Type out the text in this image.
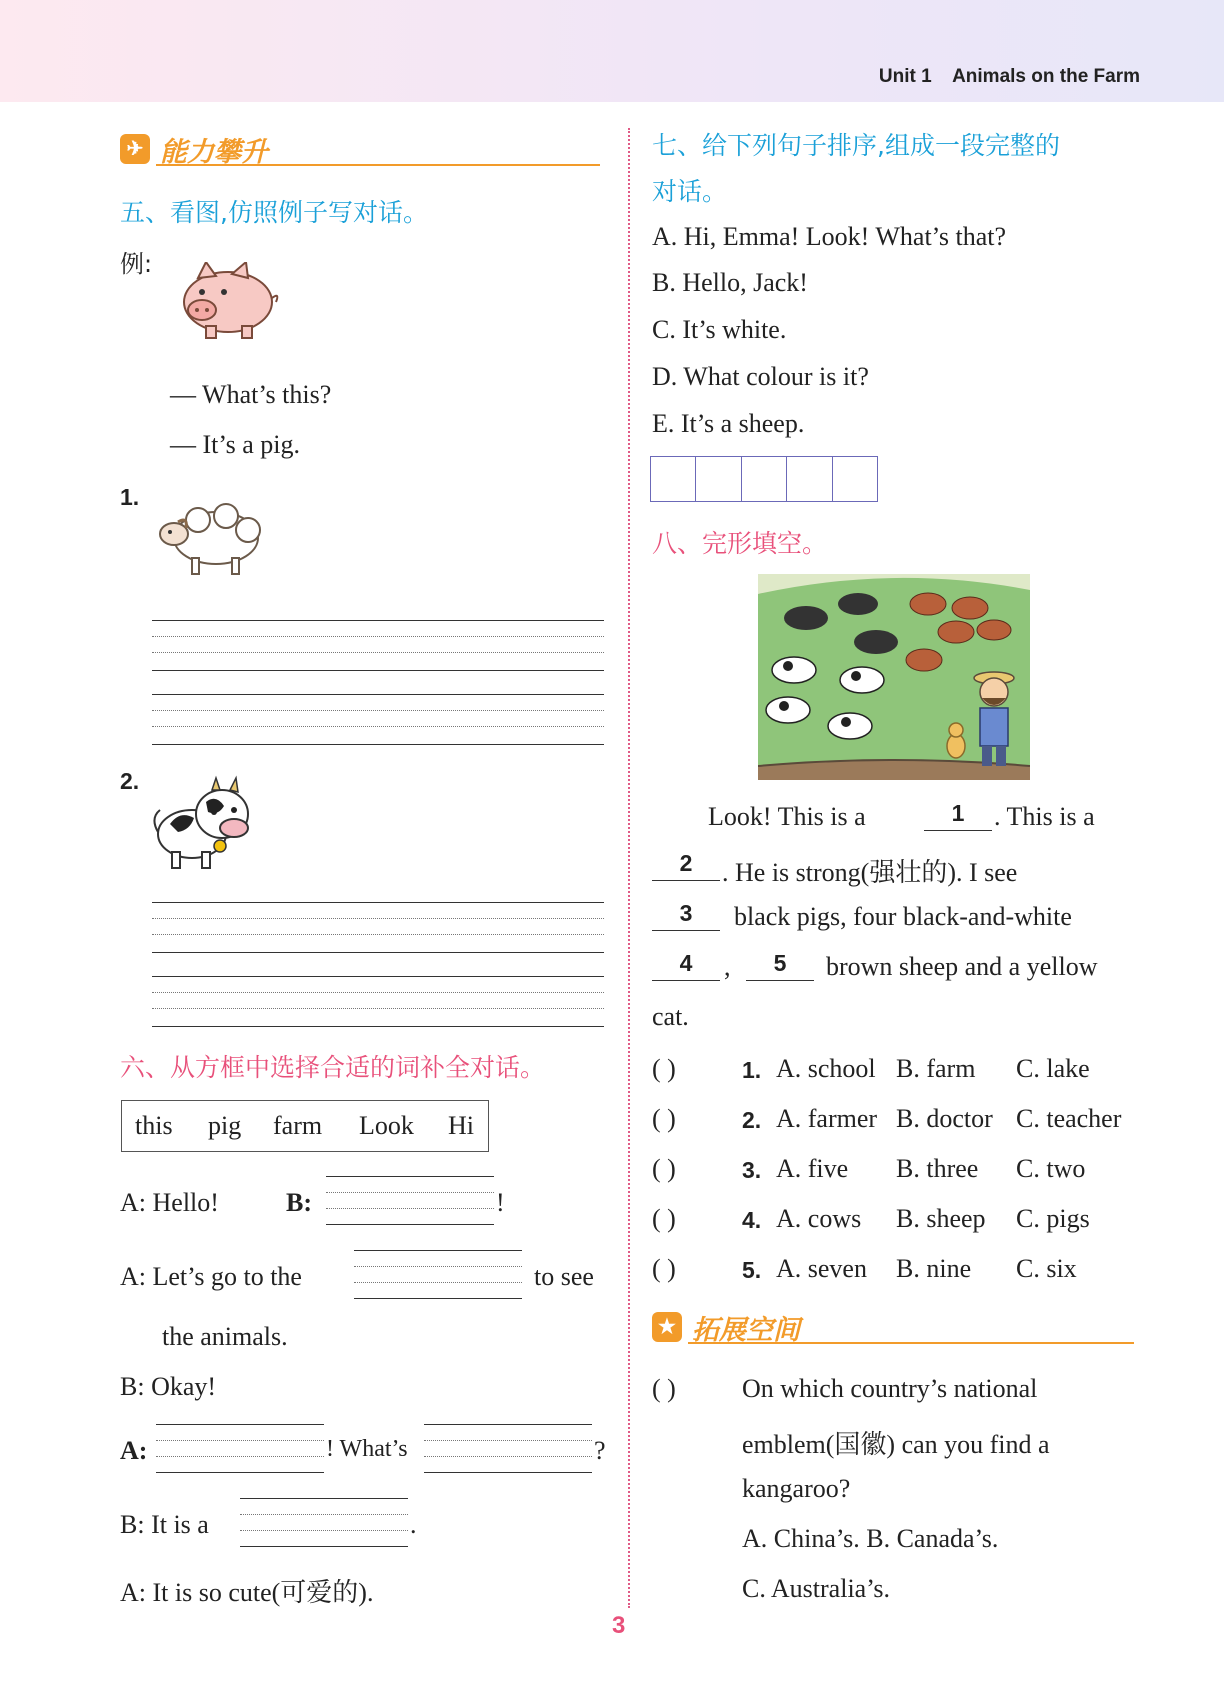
Unit 1 Animals on the Farm
✈ 能力攀升
五、看图,仿照例子写对话。
例:
— What’s this?
— It’s a pig.
1.
2.
六、从方框中选择合适的词补全对话。
this pig farm Look Hi
A: Hello!	B:	!
A: Let’s go to the	to see
the animals.
B: Okay!
A:	! What’s	?
B: It is a	.
A: It is so cute(可爱的).
七、给下列句子排序,组成一段完整的
对话。
A. Hi, Emma! Look! What’s that?
B. Hello, Jack!
C. It’s white.
D. What colour is it?
E. It’s a sheep.
八、完形填空。
Look! This is a	1	. This is a
2	. He is strong(强壮的). I see
3	black pigs, four black-and-white
4	,	5	brown sheep and a yellow
cat.
( )	1. A. school B. farm C. lake
( )	2. A. farmer B. doctor C. teacher
( )	3. A. five B. three C. two
( )	4. A. cows B. sheep C. pigs
( )	5. A. seven B. nine C. six
★ 拓展空间
( )	On which country’s national
emblem(国徽) can you find a
kangaroo?
A. China’s. B. Canada’s.
C. Australia’s.
3
